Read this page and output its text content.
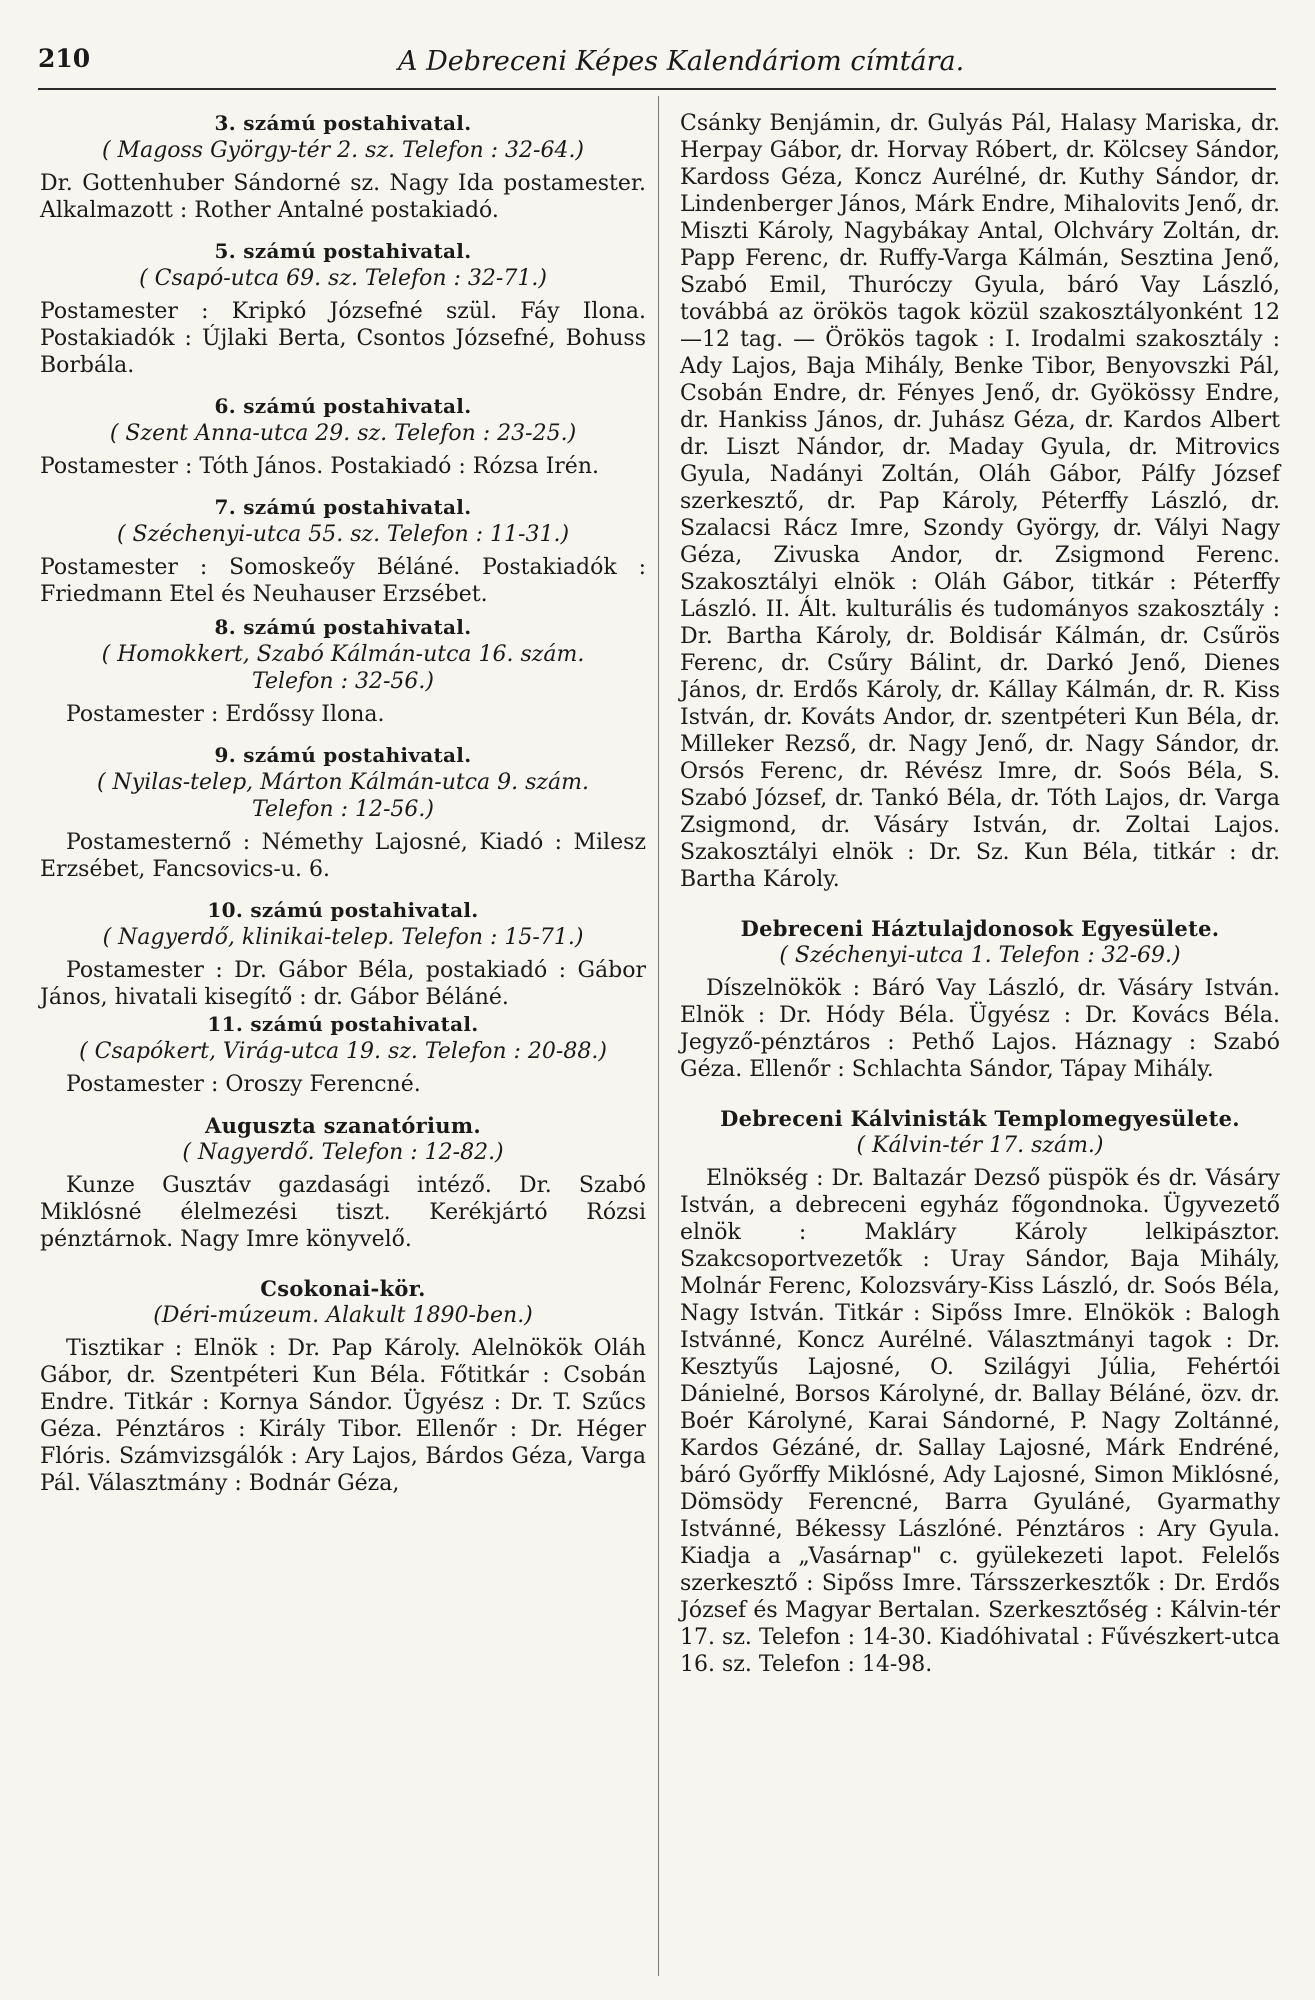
210	A Debreceni Képes Kalendáriom címtára.

3. számú postahivatal.

( Magoss György-tér 2. sz. Telefon : 32-64.)

Dr. Gottenhuber Sándorné sz. Nagy Ida postamester. Alkalmazott : Rother Antalné postakiadó.

5. számú postahivatal.

( Csapó-utca 69. sz. Telefon : 32-71.)

Postamester : Kripkó Józsefné szül. Fáy Ilona. Postakiadók : Újlaki Berta, Csontos Józsefné, Bohuss Borbála.

6. számú postahivatal.

( Szent Anna-utca 29. sz. Telefon : 23-25.)

Postamester : Tóth János. Postakiadó : Rózsa Irén.

7. számú postahivatal.

( Széchenyi-utca 55. sz. Telefon : 11-31.)

Postamester : Somoskeőy Béláné. Postakiadók : Friedmann Etel és Neuhauser Erzsébet.

8. számú postahivatal.

( Homokkert, Szabó Kálmán-utca 16. szám.

Telefon : 32-56.)

Postamester : Erdőssy Ilona.

9. számú postahivatal.

( Nyilas-telep, Márton Kálmán-utca 9. szám.

Telefon : 12-56.)

Postamesternő : Némethy Lajosné, Kiadó : Milesz Erzsébet, Fancsovics-u. 6.

10. számú postahivatal.

( Nagyerdő, klinikai-telep. Telefon : 15-71.)

Postamester : Dr. Gábor Béla, postakiadó : Gábor János, hivatali kisegítő : dr. Gábor Béláné.

11. számú postahivatal.

( Csapókert, Virág-utca 19. sz. Telefon : 20-88.)

Postamester : Oroszy Ferencné.

Auguszta szanatórium.

( Nagyerdő. Telefon : 12-82.)

Kunze Gusztáv gazdasági intéző. Dr. Szabó Miklósné élelmezési tiszt. Kerékjártó Rózsi pénztárnok. Nagy Imre könyvelő.

Csokonai-kör.

(Déri-múzeum. Alakult 1890-ben.)

Tisztikar : Elnök : Dr. Pap Károly. Alelnökök Oláh Gábor, dr. Szentpéteri Kun Béla. Főtitkár : Csobán Endre. Titkár : Kornya Sándor. Ügyész : Dr. T. Szűcs Géza. Pénztáros : Király Tibor. Ellenőr : Dr. Héger Flóris. Számvizsgálók : Ary Lajos, Bárdos Géza, Varga Pál. Választmány : Bodnár Géza,

Csánky Benjámin, dr. Gulyás Pál, Halasy Mariska, dr. Herpay Gábor, dr. Horvay Róbert, dr. Kölcsey Sándor, Kardoss Géza, Koncz Aurélné, dr. Kuthy Sándor, dr. Lindenberger János, Márk Endre, Mihalovits Jenő, dr. Miszti Károly, Nagybákay Antal, Olchváry Zoltán, dr. Papp Ferenc, dr. Ruffy-Varga Kálmán, Sesztina Jenő, Szabó Emil, Thuróczy Gyula, báró Vay László, továbbá az örökös tagok közül szakosztályonként 12—12 tag. — Örökös tagok : I. Irodalmi szakosztály : Ady Lajos, Baja Mihály, Benke Tibor, Benyovszki Pál, Csobán Endre, dr. Fényes Jenő, dr. Gyökössy Endre, dr. Hankiss János, dr. Juhász Géza, dr. Kardos Albert dr. Liszt Nándor, dr. Maday Gyula, dr. Mitrovics Gyula, Nadányi Zoltán, Oláh Gábor, Pálfy József szerkesztő, dr. Pap Károly, Péterffy László, dr. Szalacsi Rácz Imre, Szondy György, dr. Vályi Nagy Géza, Zivuska Andor, dr. Zsigmond Ferenc. Szakosztályi elnök : Oláh Gábor, titkár : Péterffy László. II. Ált. kulturális és tudományos szakosztály : Dr. Bartha Károly, dr. Boldisár Kálmán, dr. Csűrös Ferenc, dr. Csűry Bálint, dr. Darkó Jenő, Dienes János, dr. Erdős Károly, dr. Kállay Kálmán, dr. R. Kiss István, dr. Kováts Andor, dr. szentpéteri Kun Béla, dr. Milleker Rezső, dr. Nagy Jenő, dr. Nagy Sándor, dr. Orsós Ferenc, dr. Révész Imre, dr. Soós Béla, S. Szabó József, dr. Tankó Béla, dr. Tóth Lajos, dr. Varga Zsigmond, dr. Vásáry István, dr. Zoltai Lajos. Szakosztályi elnök : Dr. Sz. Kun Béla, titkár : dr. Bartha Károly.

Debreceni Háztulajdonosok Egyesülete.

( Széchenyi-utca 1. Telefon : 32-69.)

Díszelnökök : Báró Vay László, dr. Vásáry István. Elnök : Dr. Hódy Béla. Ügyész : Dr. Kovács Béla. Jegyző-pénztáros : Pethő Lajos. Háznagy : Szabó Géza. Ellenőr : Schlachta Sándor, Tápay Mihály.

Debreceni Kálvinisták Templomegyesülete.

( Kálvin-tér 17. szám.)

Elnökség : Dr. Baltazár Dezső püspök és dr. Vásáry István, a debreceni egyház főgondnoka. Ügyvezető elnök : Makláry Károly lelkipásztor. Szakcsoportvezetők : Uray Sándor, Baja Mihály, Molnár Ferenc, Kolozsváry-Kiss László, dr. Soós Béla, Nagy István. Titkár : Sipőss Imre. Elnökök : Balogh Istvánné, Koncz Aurélné. Választmányi tagok : Dr. Kesztyűs Lajosné, O. Szilágyi Júlia, Fehértói Dánielné, Borsos Károlyné, dr. Ballay Béláné, özv. dr. Boér Károlyné, Karai Sándorné, P. Nagy Zoltánné, Kardos Gézáné, dr. Sallay Lajosné, Márk Endréné, báró Győrffy Miklósné, Ady Lajosné, Simon Miklósné, Dömsödy Ferencné, Barra Gyuláné, Gyarmathy Istvánné, Békessy Lászlóné. Pénztáros : Ary Gyula. Kiadja a „Vasárnap" c. gyülekezeti lapot. Felelős szerkesztő : Sipőss Imre. Társszerkesztők : Dr. Erdős József és Magyar Bertalan. Szerkesztőség : Kálvin-tér 17. sz. Telefon : 14-30. Kiadóhivatal : Fűvészkert-utca 16. sz. Telefon : 14-98.
